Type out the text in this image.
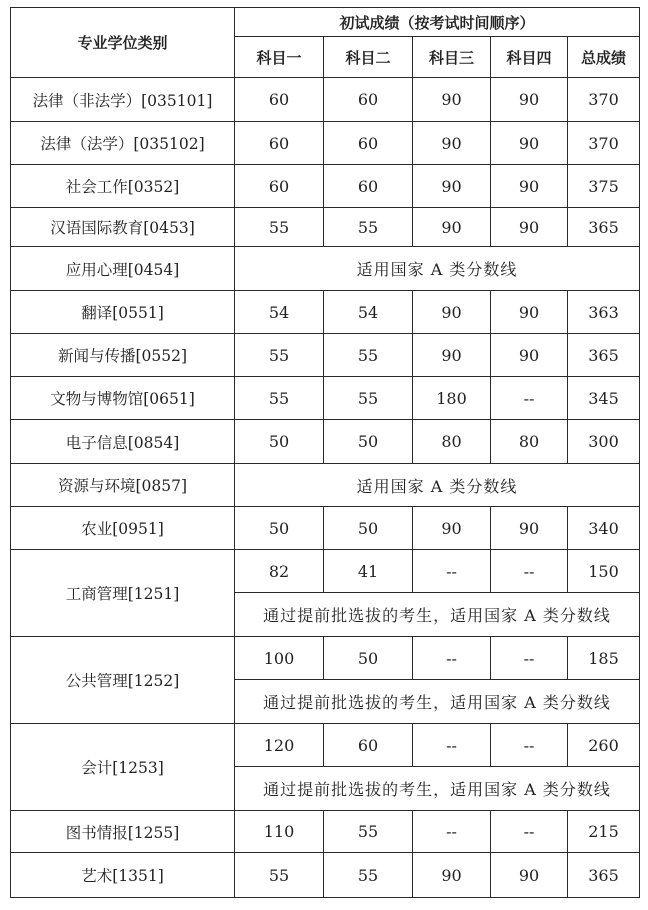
专业学位类别	初试成绩（按考试时间顺序）				
	科目一	科目二	科目三	科目四	总成绩
法律（非法学）[035101]	60	60	90	90	370
法律（法学）[035102]	60	60	90	90	370
社会工作[0352]	60	60	90	90	375
汉语国际教育[0453]	55	55	90	90	365
应用心理[0454]	适用国家 A 类分数线				
翻译[0551]	54	54	90	90	363
新闻与传播[0552]	55	55	90	90	365
文物与博物馆[0651]	55	55	180	--	345
电子信息[0854]	50	50	80	80	300
资源与环境[0857]	适用国家 A 类分数线				
农业[0951]	50	50	90	90	340
工商管理[1251]	82	41	--	--	150
	通过提前批选拔的考生，适用国家 A 类分数线				
公共管理[1252]	100	50	--	--	185
	通过提前批选拔的考生，适用国家 A 类分数线				
会计[1253]	120	60	--	--	260
	通过提前批选拔的考生，适用国家 A 类分数线				
图书情报[1255]	110	55	--	--	215
艺术[1351]	55	55	90	90	365
